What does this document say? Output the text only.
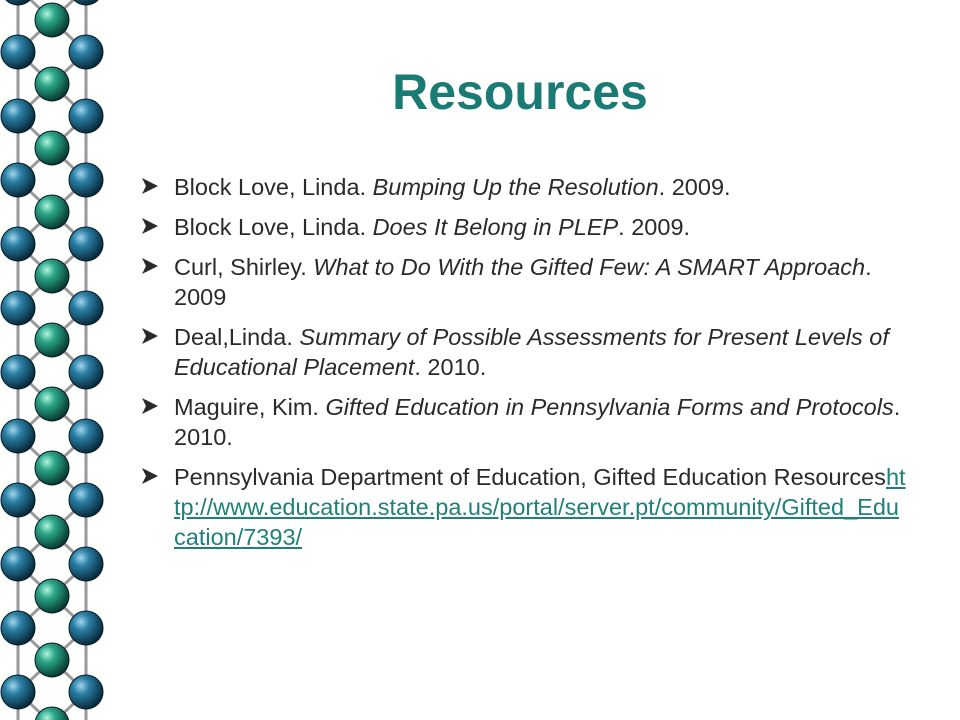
Resources
Block Love, Linda. Bumping Up the Resolution. 2009.
Block Love, Linda. Does It Belong in PLEP. 2009.
Curl, Shirley. What to Do With the Gifted Few: A SMART Approach. 2009
Deal,Linda. Summary of Possible Assessments for Present Levels of Educational Placement. 2010.
Maguire, Kim. Gifted Education in Pennsylvania Forms and Protocols. 2010.
Pennsylvania Department of Education, Gifted Education Resourceshttp://www.education.state.pa.us/portal/server.pt/community/Gifted_Education/7393/
